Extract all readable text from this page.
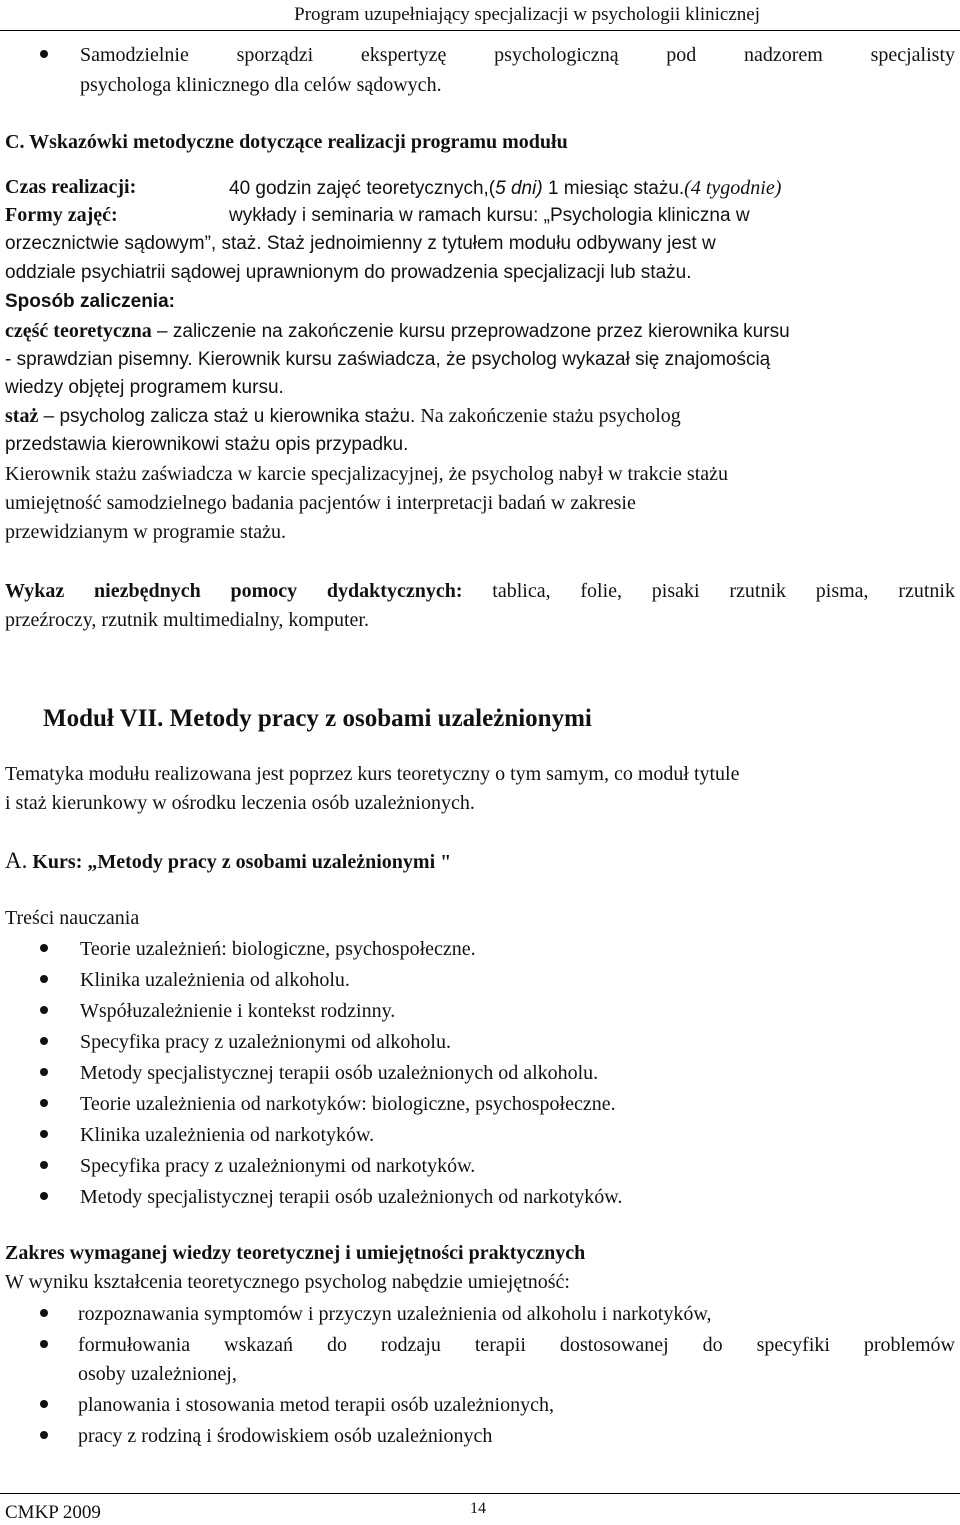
Program uzupełniający specjalizacji w psychologii klinicznej
Samodzielnie sporządzi ekspertyzę psychologiczną pod nadzorem specjalisty
psychologa klinicznego dla celów sądowych.
C. Wskazówki metodyczne dotyczące realizacji programu modułu
Czas realizacji:	40 godzin zajęć teoretycznych,(5 dni) 1 miesiąc stażu.(4 tygodnie)
Formy zajęć:	wykłady i seminaria w ramach kursu: „Psychologia kliniczna w
orzecznictwie sądowym”, staż. Staż jednoimienny z tytułem modułu odbywany jest w
oddziale psychiatrii sądowej uprawnionym do prowadzenia specjalizacji lub stażu.
Sposób zaliczenia:
część teoretyczna – zaliczenie na zakończenie kursu przeprowadzone przez kierownika kursu
- sprawdzian pisemny. Kierownik kursu zaświadcza, że psycholog wykazał się znajomością
wiedzy objętej programem kursu.
staż – psycholog zalicza staż u kierownika stażu. Na zakończenie stażu psycholog
przedstawia kierownikowi stażu opis przypadku.
Kierownik stażu zaświadcza w karcie specjalizacyjnej, że psycholog nabył w trakcie stażu
umiejętność samodzielnego badania pacjentów i interpretacji badań w zakresie
przewidzianym w programie stażu.
Wykaz niezbędnych pomocy dydaktycznych: tablica, folie, pisaki rzutnik pisma, rzutnik
przeźroczy, rzutnik multimedialny, komputer.
Moduł VII. Metody pracy z osobami uzależnionymi
Tematyka modułu realizowana jest poprzez kurs teoretyczny o tym samym, co moduł tytule
i staż kierunkowy w ośrodku leczenia osób uzależnionych.
A. Kurs: „Metody pracy z osobami uzależnionymi "
Treści nauczania
Teorie uzależnień: biologiczne, psychospołeczne.
Klinika uzależnienia od alkoholu.
Współuzależnienie i kontekst rodzinny.
Specyfika pracy z uzależnionymi od alkoholu.
Metody specjalistycznej terapii osób uzależnionych od alkoholu.
Teorie uzależnienia od narkotyków: biologiczne, psychospołeczne.
Klinika uzależnienia od narkotyków.
Specyfika pracy z uzależnionymi od narkotyków.
Metody specjalistycznej terapii osób uzależnionych od narkotyków.
Zakres wymaganej wiedzy teoretycznej i umiejętności praktycznych
W wyniku kształcenia teoretycznego psycholog nabędzie umiejętność:
rozpoznawania symptomów i przyczyn uzależnienia od alkoholu i narkotyków,
formułowania wskazań do rodzaju terapii dostosowanej do specyfiki problemów
osoby uzależnionej,
planowania i stosowania metod terapii osób uzależnionych,
pracy z rodziną i środowiskiem osób uzależnionych
CMKP 2009	14
